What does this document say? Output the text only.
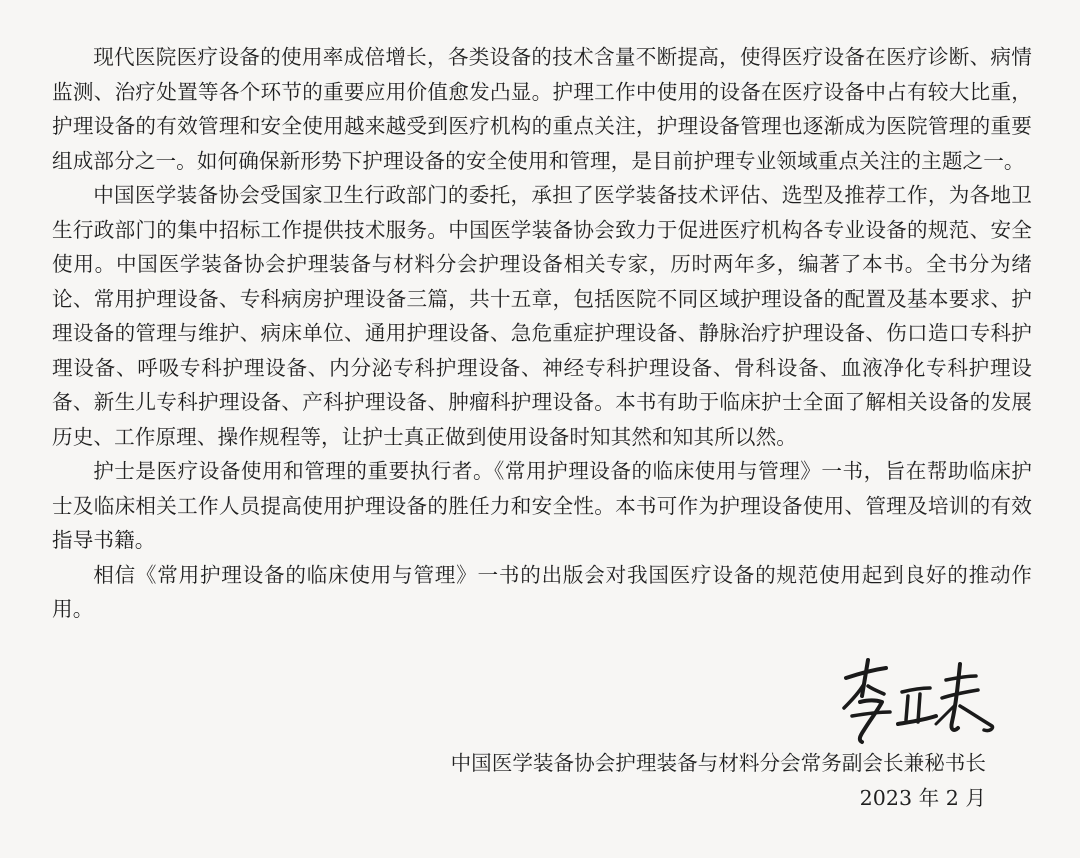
现代医院医疗设备的使用率成倍增长，各类设备的技术含量不断提高，使得医疗设备在医疗诊断、病情监测、治疗处置等各个环节的重要应用价值愈发凸显。护理工作中使用的设备在医疗设备中占有较大比重，护理设备的有效管理和安全使用越来越受到医疗机构的重点关注，护理设备管理也逐渐成为医院管理的重要组成部分之一。如何确保新形势下护理设备的安全使用和管理，是目前护理专业领域重点关注的主题之一。

中国医学装备协会受国家卫生行政部门的委托，承担了医学装备技术评估、选型及推荐工作，为各地卫生行政部门的集中招标工作提供技术服务。中国医学装备协会致力于促进医疗机构各专业设备的规范、安全使用。中国医学装备协会护理装备与材料分会护理设备相关专家，历时两年多，编著了本书。全书分为绪论、常用护理设备、专科病房护理设备三篇，共十五章，包括医院不同区域护理设备的配置及基本要求、护理设备的管理与维护、病床单位、通用护理设备、急危重症护理设备、静脉治疗护理设备、伤口造口专科护理设备、呼吸专科护理设备、内分泌专科护理设备、神经专科护理设备、骨科设备、血液净化专科护理设备、新生儿专科护理设备、产科护理设备、肿瘤科护理设备。本书有助于临床护士全面了解相关设备的发展历史、工作原理、操作规程等，让护士真正做到使用设备时知其然和知其所以然。

护士是医疗设备使用和管理的重要执行者。《常用护理设备的临床使用与管理》一书，旨在帮助临床护士及临床相关工作人员提高使用护理设备的胜任力和安全性。本书可作为护理设备使用、管理及培训的有效指导书籍。

相信《常用护理设备的临床使用与管理》一书的出版会对我国医疗设备的规范使用起到良好的推动作用。

中国医学装备协会护理装备与材料分会常务副会长兼秘书长
2023 年 2 月
